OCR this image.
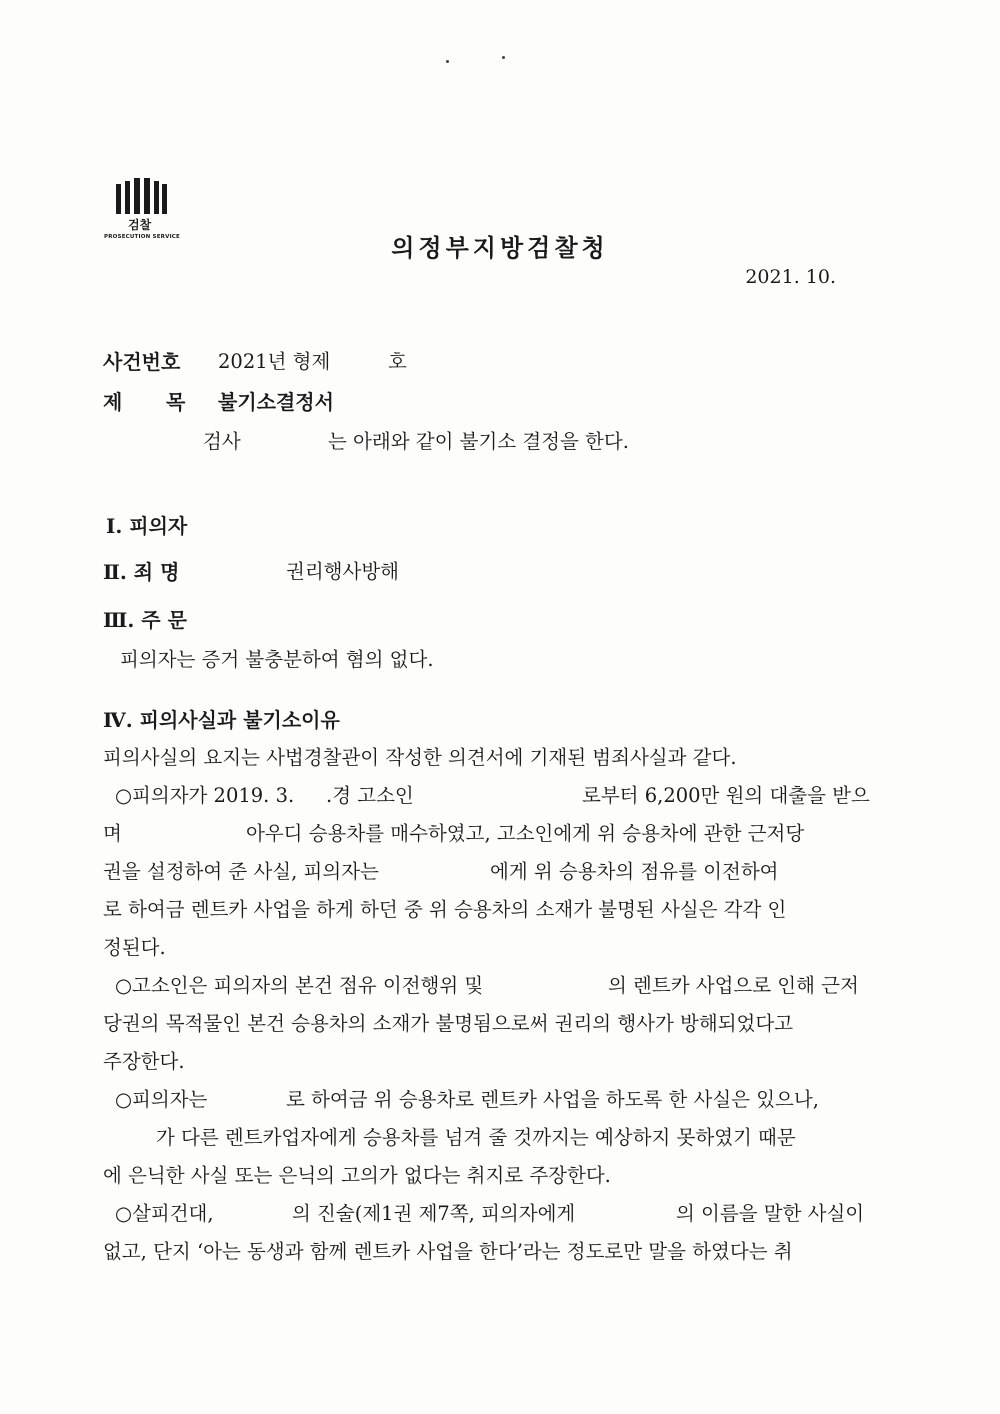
검찰
PROSECUTION SERVICE	의정부지방검찰청
2021. 10.
사건번호 2021년 형제	호
제 목 불기소결정서
검사	는 아래와 같이 불기소 결정을 한다.
Ⅰ. 피의자
Ⅱ. 죄 명	권리행사방해
Ⅲ. 주 문
피의자는 증거 불충분하여 혐의 없다.
Ⅳ. 피의사실과 불기소이유
피의사실의 요지는 사법경찰관이 작성한 의견서에 기재된 범죄사실과 같다.
○피의자가 2019. 3. .경 고소인	로부터 6,200만 원의 대출을 받으
며	아우디 승용차를 매수하였고, 고소인에게 위 승용차에 관한 근저당
권을 설정하여 준 사실, 피의자는	에게 위 승용차의 점유를 이전하여
로 하여금 렌트카 사업을 하게 하던 중 위 승용차의 소재가 불명된 사실은 각각 인
정된다.
○고소인은 피의자의 본건 점유 이전행위 및	의 렌트카 사업으로 인해 근저
당권의 목적물인 본건 승용차의 소재가 불명됨으로써 권리의 행사가 방해되었다고
주장한다.
○피의자는	로 하여금 위 승용차로 렌트카 사업을 하도록 한 사실은 있으나,
가 다른 렌트카업자에게 승용차를 넘겨 줄 것까지는 예상하지 못하였기 때문
에 은닉한 사실 또는 은닉의 고의가 없다는 취지로 주장한다.
○살피건대,	의 진술(제1권 제7쪽, 피의자에게	의 이름을 말한 사실이
없고, 단지 ‘아는 동생과 함께 렌트카 사업을 한다’라는 정도로만 말을 하였다는 취
